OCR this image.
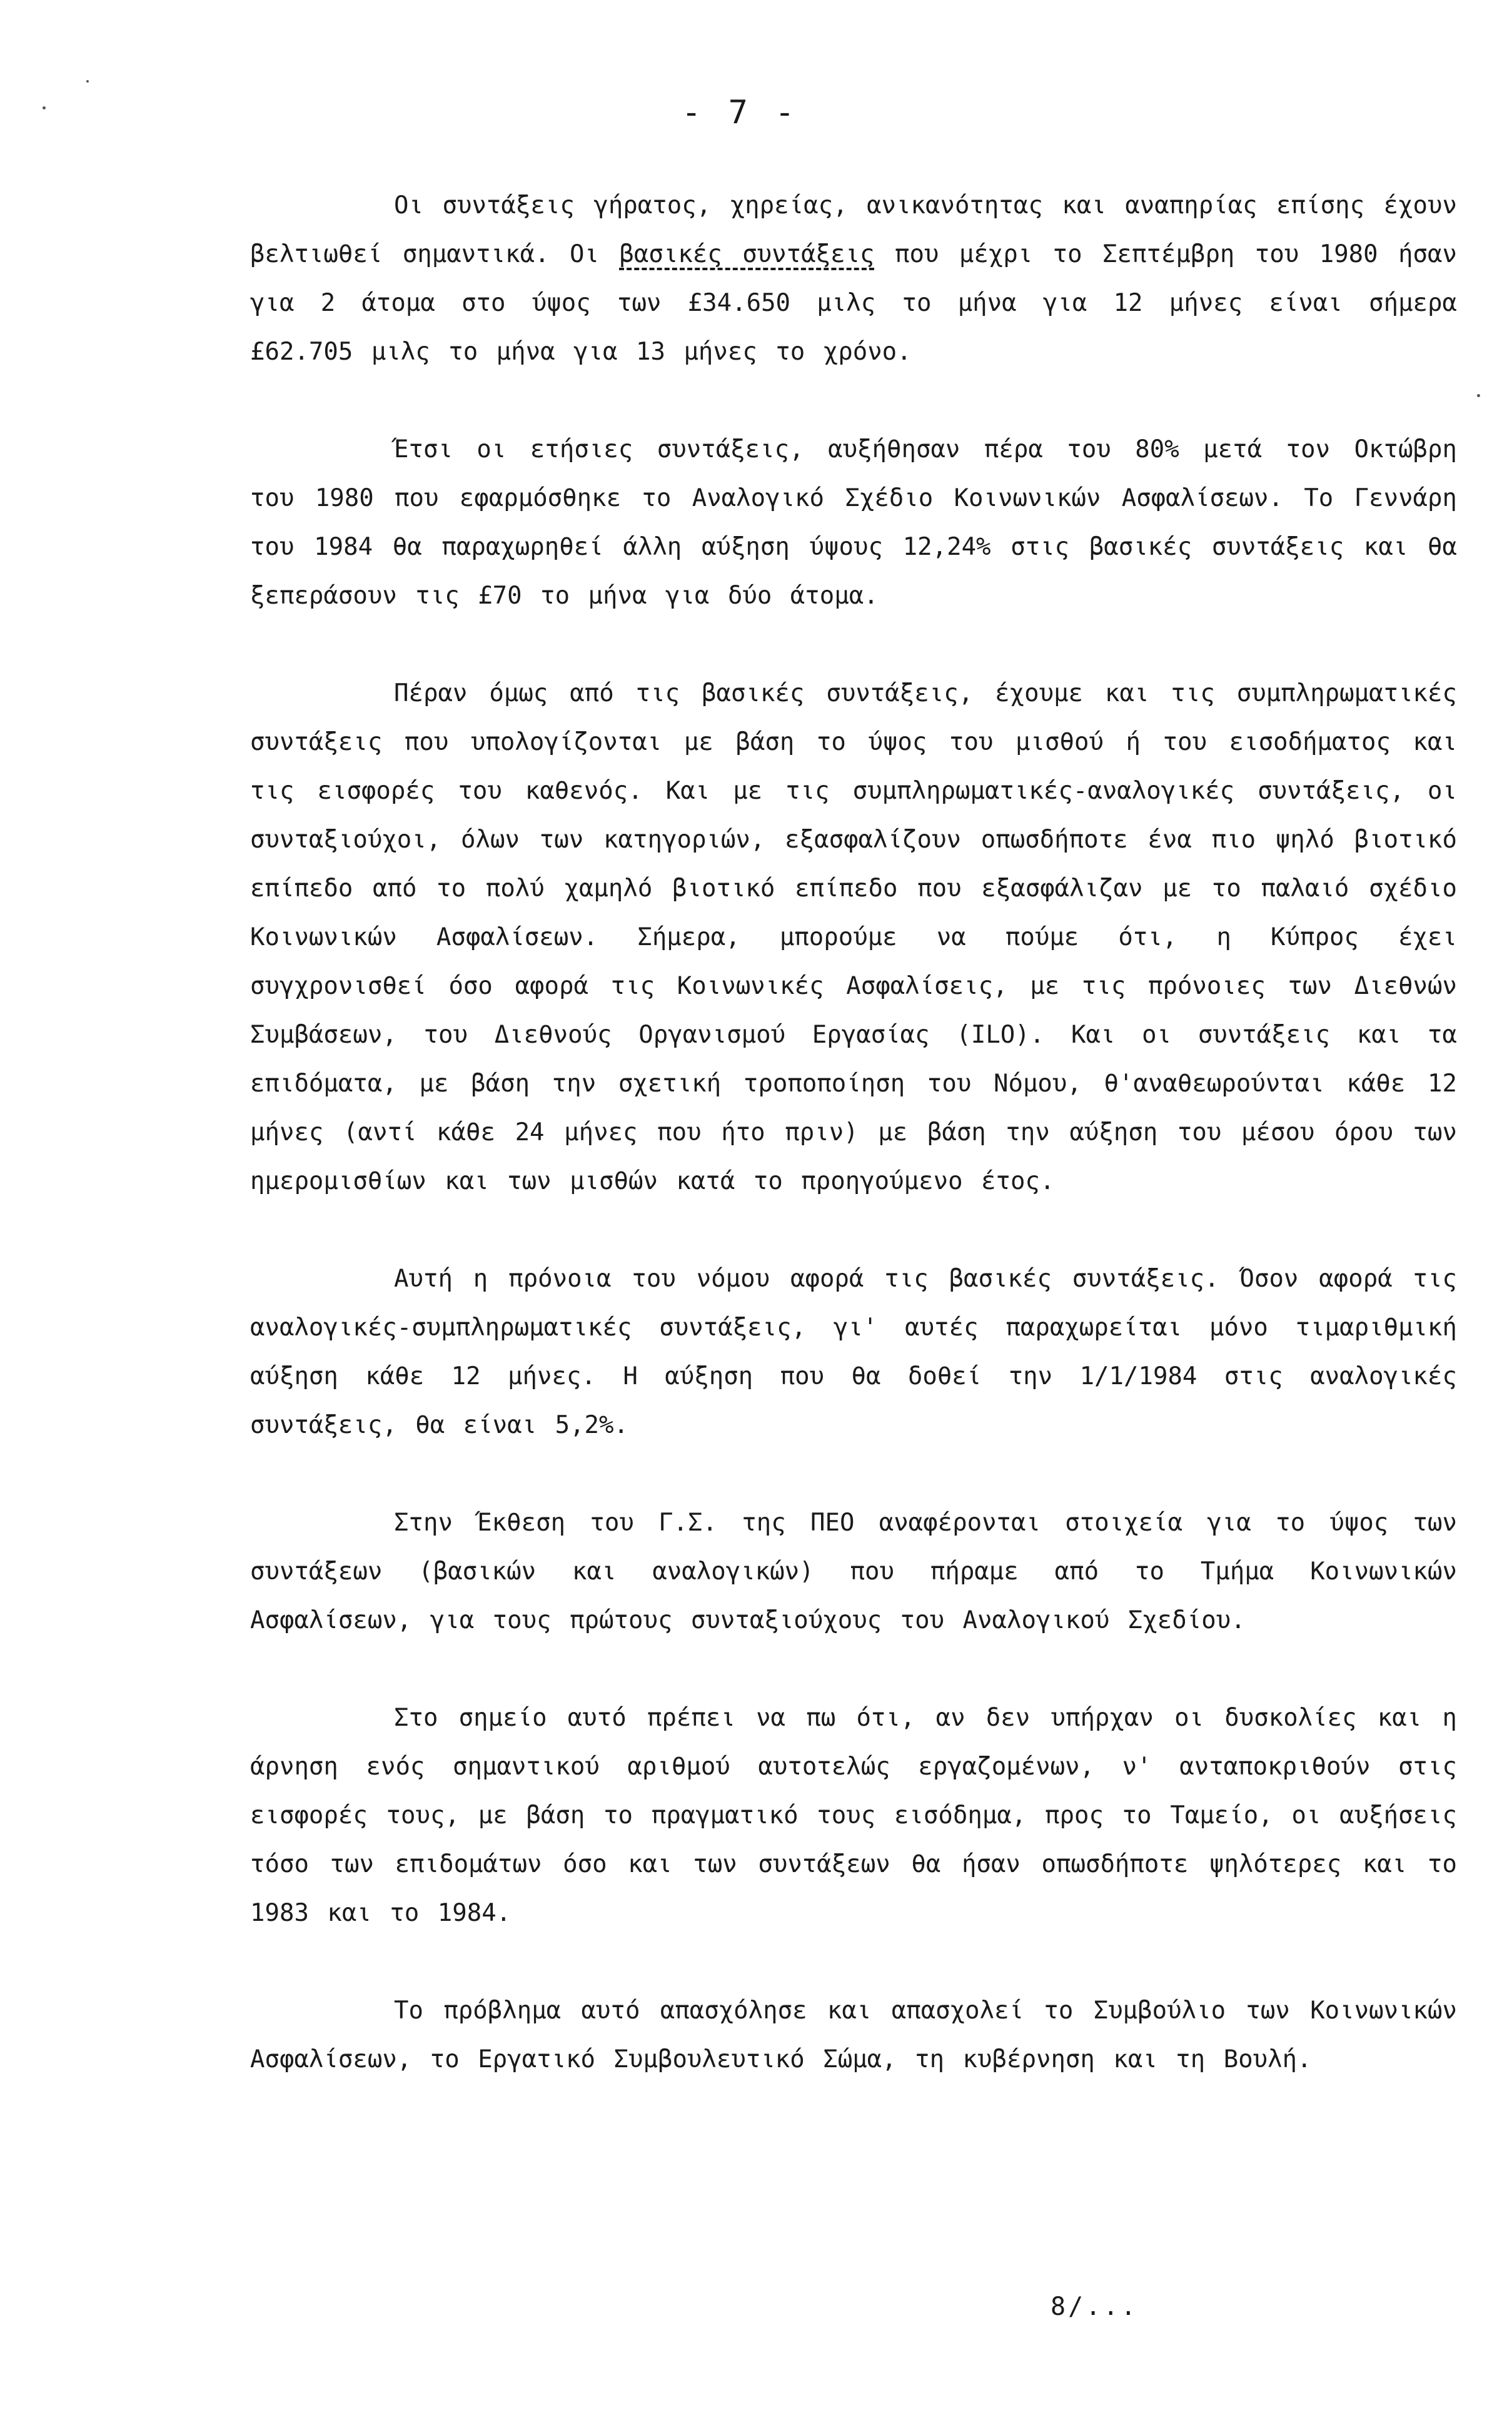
- 7 -

Οι συντάξεις γήρατος, χηρείας, ανικανότητας και αναπηρίας επίσης έχουν βελτιωθεί σημαντικά. Οι βασικές συντάξεις που μέχρι το Σεπτέμβρη του 1980 ήσαν για 2 άτομα στο ύψος των £34.650 μιλς το μήνα για 12 μήνες είναι σήμερα £62.705 μιλς το μήνα για 13 μήνες το χρόνο.

Έτσι οι ετήσιες συντάξεις, αυξήθησαν πέρα του 80% μετά τον Οκτώβρη του 1980 που εφαρμόσθηκε το Αναλογικό Σχέδιο Κοινωνικών Ασφαλίσεων. Το Γεννάρη του 1984 θα παραχωρηθεί άλλη αύξηση ύψους 12,24% στις βασικές συντάξεις και θα ξεπεράσουν τις £70 το μήνα για δύο άτομα.

Πέραν όμως από τις βασικές συντάξεις, έχουμε και τις συμπληρωματικές συντάξεις που υπολογίζονται με βάση το ύψος του μισθού ή του εισοδήματος και τις εισφορές του καθενός. Και με τις συμπληρωματικές-αναλογικές συντάξεις, οι συνταξιούχοι, όλων των κατηγοριών, εξασφαλίζουν οπωσδήποτε ένα πιο ψηλό βιοτικό επίπεδο από το πολύ χαμηλό βιοτικό επίπεδο που εξασφάλιζαν με το παλαιό σχέδιο Κοινωνικών Ασφαλίσεων. Σήμερα, μπορούμε να πούμε ότι, η Κύπρος έχει συγχρονισθεί όσο αφορά τις Κοινωνικές Ασφαλίσεις, με τις πρόνοιες των Διεθνών Συμβάσεων, του Διεθνούς Οργανισμού Εργασίας (ILO). Και οι συντάξεις και τα επιδόματα, με βάση την σχετική τροποποίηση του Νόμου, θ'αναθεωρούνται κάθε 12 μήνες (αντί κάθε 24 μήνες που ήτο πριν) με βάση την αύξηση του μέσου όρου των ημερομισθίων και των μισθών κατά το προηγούμενο έτος.

Αυτή η πρόνοια του νόμου αφορά τις βασικές συντάξεις. Όσον αφορά τις αναλογικές-συμπληρωματικές συντάξεις, γι' αυτές παραχωρείται μόνο τιμαριθμική αύξηση κάθε 12 μήνες. Η αύξηση που θα δοθεί την 1/1/1984 στις αναλογικές συντάξεις, θα είναι 5,2%.

Στην Έκθεση του Γ.Σ. της ΠΕΟ αναφέρονται στοιχεία για το ύψος των συντάξεων (βασικών και αναλογικών) που πήραμε από το Τμήμα Κοινωνικών Ασφαλίσεων, για τους πρώτους συνταξιούχους του Αναλογικού Σχεδίου.

Στο σημείο αυτό πρέπει να πω ότι, αν δεν υπήρχαν οι δυσκολίες και η άρνηση ενός σημαντικού αριθμού αυτοτελώς εργαζομένων, ν' ανταποκριθούν στις εισφορές τους, με βάση το πραγματικό τους εισόδημα, προς το Ταμείο, οι αυξήσεις τόσο των επιδομάτων όσο και των συντάξεων θα ήσαν οπωσδήποτε ψηλότερες και το 1983 και το 1984.

Το πρόβλημα αυτό απασχόλησε και απασχολεί το Συμβούλιο των Κοινωνικών Ασφαλίσεων, το Εργατικό Συμβουλευτικό Σώμα, τη κυβέρνηση και τη Βουλή.

8/...
